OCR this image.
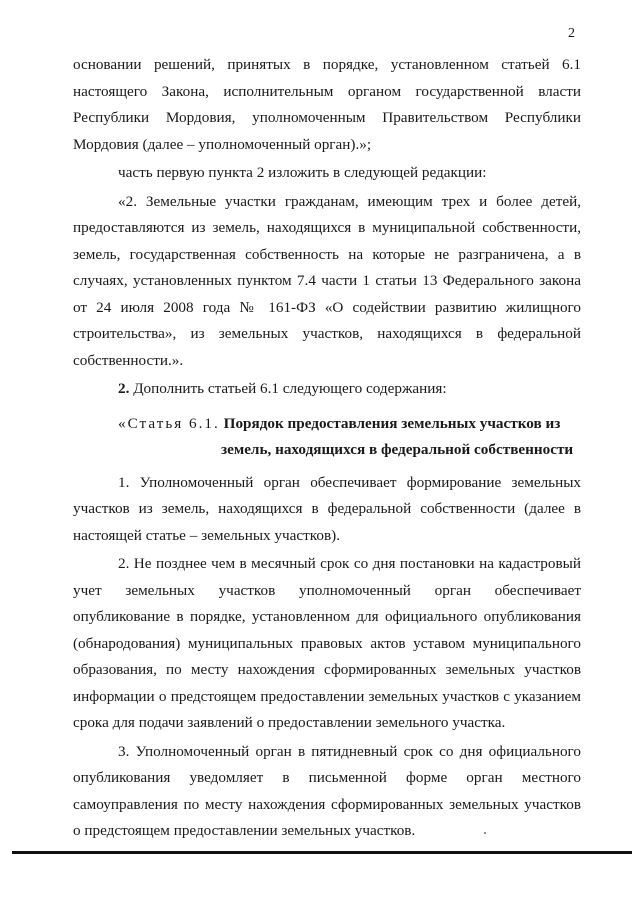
2

основании решений, принятых в порядке, установленном статьей 6.1
настоящего Закона, исполнительным органом государственной власти
Республики Мордовия, уполномоченным Правительством Республики
Мордовия (далее – уполномоченный орган).»;

часть первую пункта 2 изложить в следующей редакции:

«2. Земельные участки гражданам, имеющим трех и более детей,
предоставляются из земель, находящихся в муниципальной собственности,
земель, государственная собственность на которые не разграничена, а в
случаях, установленных пунктом 7.4 части 1 статьи 13 Федерального закона
от 24 июля 2008 года № 161-ФЗ «О содействии развитию жилищного
строительства», из земельных участков, находящихся в федеральной
собственности.».

2. Дополнить статьей 6.1 следующего содержания:

«Статья 6.1. Порядок предоставления земельных участков из
земель, находящихся в федеральной собственности

1. Уполномоченный орган обеспечивает формирование земельных
участков из земель, находящихся в федеральной собственности (далее в
настоящей статье – земельных участков).

2. Не позднее чем в месячный срок со дня постановки на кадастровый
учет земельных участков уполномоченный орган обеспечивает
опубликование в порядке, установленном для официального опубликования
(обнародования) муниципальных правовых актов уставом муниципального
образования, по месту нахождения сформированных земельных участков
информации о предстоящем предоставлении земельных участков с указанием
срока для подачи заявлений о предоставлении земельного участка.

3. Уполномоченный орган в пятидневный срок со дня официального
опубликования уведомляет в письменной форме орган местного
самоуправления по месту нахождения сформированных земельных участков
о предстоящем предоставлении земельных участков.
